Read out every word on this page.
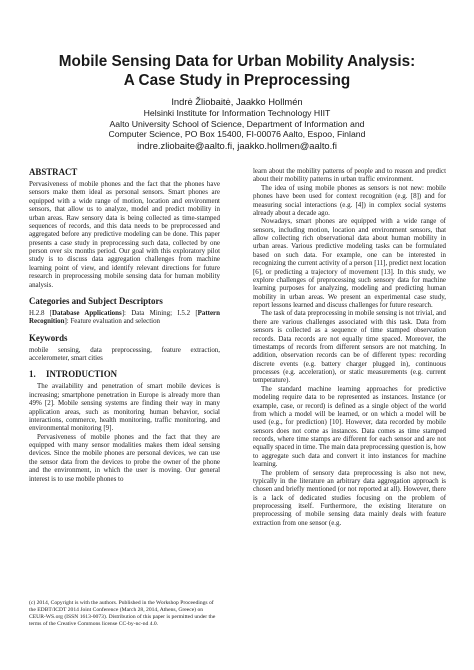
Mobile Sensing Data for Urban Mobility Analysis:
A Case Study in Preprocessing
Indrė Žliobaitė, Jaakko Hollmén
Helsinki Institute for Information Technology HIIT
Aalto University School of Science, Department of Information and
Computer Science, PO Box 15400, FI-00076 Aalto, Espoo, Finland
indre.zliobaite@aalto.fi, jaakko.hollmen@aalto.fi
ABSTRACT

Pervasiveness of mobile phones and the fact that the phones have sensors make them ideal as personal sensors. Smart phones are equipped with a wide range of motion, location and environment sensors, that allow us to analyze, model and predict mobility in urban areas. Raw sensory data is being collected as time-stamped sequences of records, and this data needs to be preprocessed and aggregated before any predictive modeling can be done. This paper presents a case study in preprocessing such data, collected by one person over six months period. Our goal with this exploratory pilot study is to discuss data aggregation challenges from machine learning point of view, and identify relevant directions for future research in preprocessing mobile sensing data for human mobility analysis.

Categories and Subject Descriptors

H.2.8 [Database Applications]: Data Mining; I.5.2 [Pattern Recognition]: Feature evaluation and selection

Keywords

mobile sensing, data preprocessing, feature extraction, accelerometer, smart cities

1. INTRODUCTION

The availability and penetration of smart mobile devices is increasing; smartphone penetration in Europe is already more than 49% [2]. Mobile sensing systems are finding their way in many application areas, such as monitoring human behavior, social interactions, commerce, health monitoring, traffic monitoring, and environmental monitoring [9].

Pervasiveness of mobile phones and the fact that they are equipped with many sensor modalities makes them ideal sensing devices. Since the mobile phones are personal devices, we can use the sensor data from the devices to probe the owner of the phone and the environment, in which the user is moving. Our general interest is to use mobile phones to

(c) 2014, Copyright is with the authors. Published in the Workshop Proceedings of the EDBT/ICDT 2014 Joint Conference (March 28, 2014, Athens, Greece) on CEUR-WS.org (ISSN 1613-0073). Distribution of this paper is permitted under the terms of the Creative Commons license CC-by-nc-nd 4.0.

learn about the mobility patterns of people and to reason and predict about their mobility patterns in urban traffic environment.

The idea of using mobile phones as sensors is not new: mobile phones have been used for context recognition (e.g. [8]) and for measuring social interactions (e.g. [4]) in complex social systems already about a decade ago.

Nowadays, smart phones are equipped with a wide range of sensors, including motion, location and environment sensors, that allow collecting rich observational data about human mobility in urban areas. Various predictive modeling tasks can be formulated based on such data. For example, one can be interested in recognizing the current activity of a person [11], predict next location [6], or predicting a trajectory of movement [13]. In this study, we explore challenges of preprocessing such sensory data for machine learning purposes for analyzing, modeling and predicting human mobility in urban areas. We present an experimental case study, report lessons learned and discuss challenges for future research.

The task of data preprocessing in mobile sensing is not trivial, and there are various challenges associated with this task. Data from sensors is collected as a sequence of time stamped observation records. Data records are not equally time spaced. Moreover, the timestamps of records from different sensors are not matching. In addition, observation records can be of different types: recording discrete events (e.g. battery charger plugged in), continuous processes (e.g. acceleration), or static measurements (e.g. current temperature).

The standard machine learning approaches for predictive modeling require data to be represented as instances. Instance (or example, case, or record) is defined as a single object of the world from which a model will be learned, or on which a model will be used (e.g., for prediction) [10]. However, data recorded by mobile sensors does not come as instances. Data comes as time stamped records, where time stamps are different for each sensor and are not equally spaced in time. The main data preprocessing question is, how to aggregate such data and convert it into instances for machine learning.

The problem of sensory data preprocessing is also not new, typically in the literature an arbitrary data aggregation approach is chosen and briefly mentioned (or not reported at all). However, there is a lack of dedicated studies focusing on the problem of preprocessing itself. Furthermore, the existing literature on preprocessing of mobile sensing data mainly deals with feature extraction from one sensor (e.g.
